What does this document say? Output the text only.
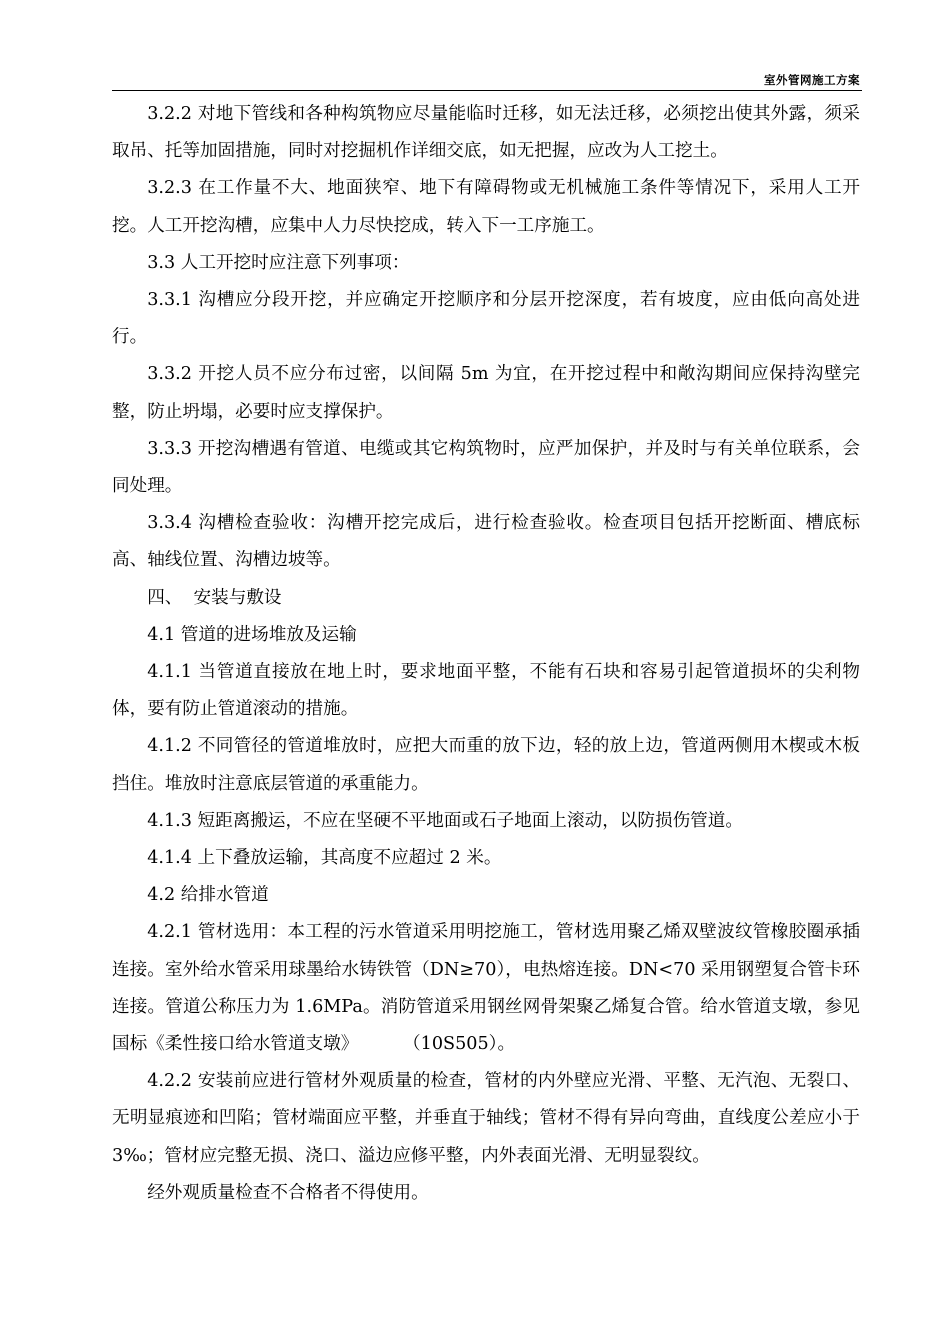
室外管网施工方案

3.2.2 对地下管线和各种构筑物应尽量能临时迁移，如无法迁移，必须挖出使其外露，须采取吊、托等加固措施，同时对挖掘机作详细交底，如无把握，应改为人工挖土。

3.2.3 在工作量不大、地面狭窄、地下有障碍物或无机械施工条件等情况下，采用人工开挖。人工开挖沟槽，应集中人力尽快挖成，转入下一工序施工。

3.3 人工开挖时应注意下列事项：

3.3.1 沟槽应分段开挖，并应确定开挖顺序和分层开挖深度，若有坡度，应由低向高处进行。

3.3.2 开挖人员不应分布过密，以间隔 5m 为宜，在开挖过程中和敞沟期间应保持沟壁完整，防止坍塌，必要时应支撑保护。

3.3.3 开挖沟槽遇有管道、电缆或其它构筑物时，应严加保护，并及时与有关单位联系，会同处理。

3.3.4 沟槽检查验收：沟槽开挖完成后，进行检查验收。检查项目包括开挖断面、槽底标高、轴线位置、沟槽边坡等。

四、  安装与敷设

4.1 管道的进场堆放及运输

4.1.1 当管道直接放在地上时，要求地面平整，不能有石块和容易引起管道损坏的尖利物体，要有防止管道滚动的措施。

4.1.2 不同管径的管道堆放时，应把大而重的放下边，轻的放上边，管道两侧用木楔或木板挡住。堆放时注意底层管道的承重能力。

4.1.3 短距离搬运，不应在坚硬不平地面或石子地面上滚动，以防损伤管道。

4.1.4 上下叠放运输，其高度不应超过 2 米。

4.2 给排水管道

4.2.1 管材选用：本工程的污水管道采用明挖施工，管材选用聚乙烯双壁波纹管橡胶圈承插连接。室外给水管采用球墨给水铸铁管（DN≥70），电热熔连接。DN<70 采用钢塑复合管卡环连接。管道公称压力为 1.6MPa。消防管道采用钢丝网骨架聚乙烯复合管。给水管道支墩，参见国标《柔性接口给水管道支墩》        （10S505）。

4.2.2 安装前应进行管材外观质量的检查，管材的内外壁应光滑、平整、无汽泡、无裂口、无明显痕迹和凹陷；管材端面应平整，并垂直于轴线；管材不得有异向弯曲，直线度公差应小于 3‰；管材应完整无损、浇口、溢边应修平整，内外表面光滑、无明显裂纹。

经外观质量检查不合格者不得使用。
